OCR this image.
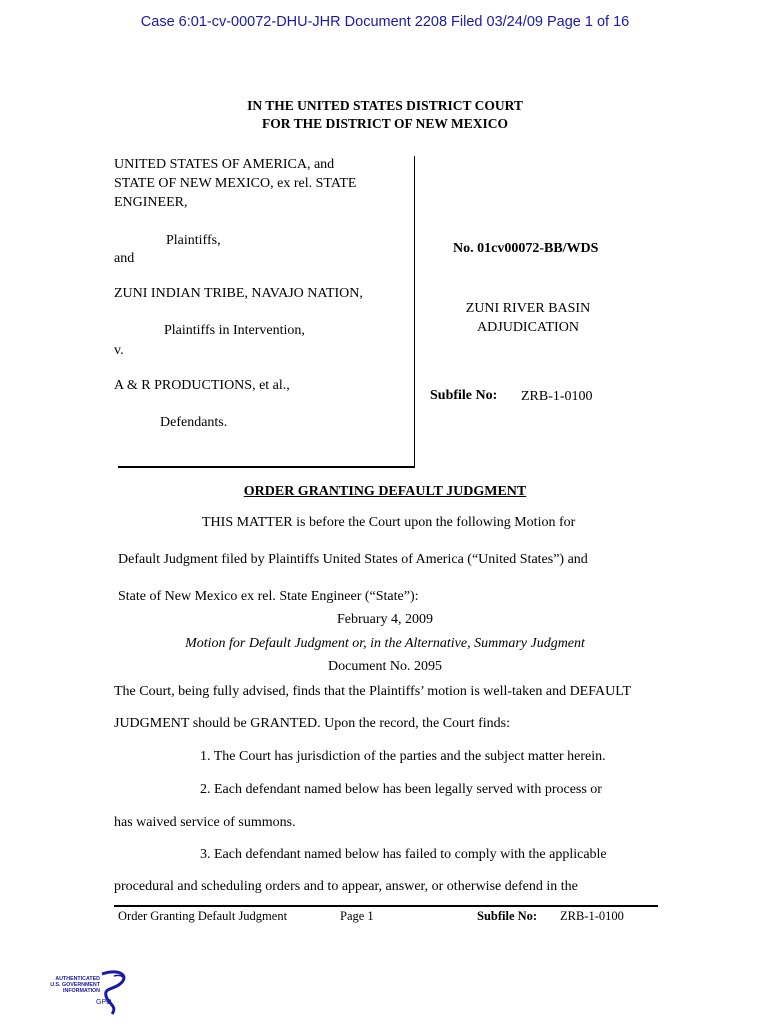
Case 6:01-cv-00072-DHU-JHR Document 2208 Filed 03/24/09 Page 1 of 16
IN THE UNITED STATES DISTRICT COURT
FOR THE DISTRICT OF NEW MEXICO
UNITED STATES OF AMERICA, and
STATE OF NEW MEXICO, ex rel. STATE
ENGINEER,
Plaintiffs,
and
ZUNI INDIAN TRIBE, NAVAJO NATION,
Plaintiffs in Intervention,
v.
A & R PRODUCTIONS, et al.,
Defendants.
No. 01cv00072-BB/WDS
ZUNI RIVER BASIN
ADJUDICATION
Subfile No: ZRB-1-0100
ORDER GRANTING DEFAULT JUDGMENT
THIS MATTER is before the Court upon the following Motion for
Default Judgment filed by Plaintiffs United States of America (“United States”) and
State of New Mexico ex rel. State Engineer (“State”):
February 4, 2009
Motion for Default Judgment or, in the Alternative, Summary Judgment
Document No. 2095
The Court, being fully advised, finds that the Plaintiffs’ motion is well-taken and DEFAULT
JUDGMENT should be GRANTED. Upon the record, the Court finds:
1. The Court has jurisdiction of the parties and the subject matter herein.
2. Each defendant named below has been legally served with process or
has waived service of summons.
3. Each defendant named below has failed to comply with the applicable
procedural and scheduling orders and to appear, answer, or otherwise defend in the
Order Granting Default Judgment	Page 1	Subfile No: ZRB-1-0100
AUTHENTICATED
U.S. GOVERNMENT
INFORMATION
GPO
